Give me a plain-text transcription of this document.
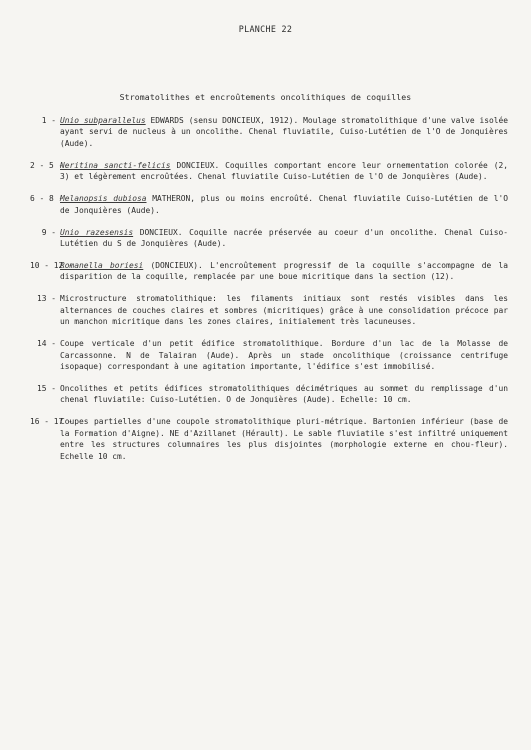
PLANCHE 22
Stromatolithes et encroûtements oncolithiques de coquilles
1 - Unio subparallelus EDWARDS (sensu DONCIEUX, 1912). Moulage stromatolithique d'une valve isolée ayant servi de nucleus à un oncolithe. Chenal fluviatile, Cuiso-Lutétien de l'O de Jonquières (Aude).
2 - 5 -
Neritina sancti-felicis DONCIEUX. Coquilles comportant encore leur ornementation colorée (2, 3) et légèrement encroûtées. Chenal fluviatile Cuiso-Lutétien de l'O de Jonquières (Aude).
6 - 8 -
Melanopsis dubiosa MATHERON, plus ou moins encroûté. Chenal fluviatile Cuiso-Lutétien de l'O de Jonquières (Aude).
9 - Unio razesensis DONCIEUX. Coquille nacrée préservée au coeur d'un oncolithe. Chenal Cuiso-Lutétien du S de Jonquières (Aude).
10 - 12 -
Romanella boriesi (DONCIEUX). L'encroûtement progressif de la coquille s'accompagne de la disparition de la coquille, remplacée par une boue micritique dans la section (12).
13 - Microstructure stromatolithique: les filaments initiaux sont restés visibles dans les alternances de couches claires et sombres (micritiques) grâce à une consolidation précoce par un manchon micritique dans les zones claires, initialement très lacuneuses.
14 - Coupe verticale d'un petit édifice stromatolithique. Bordure d'un lac de la Molasse de Carcassonne. N de Talairan (Aude). Après un stade oncolithique (croissance centrifuge isopaque) correspondant à une agitation importante, l'édifice s'est immobilisé.
15 - Oncolithes et petits édifices stromatolithiques décimétriques au sommet du remplissage d'un chenal fluviatile: Cuiso-Lutétien. O de Jonquières (Aude). Echelle: 10 cm.
16 - 17 -
Coupes partielles d'une coupole stromatolithique pluri-métrique. Bartonien inférieur (base de la Formation d'Aigne). NE d'Azillanet (Hérault). Le sable fluviatile s'est infiltré uniquement entre les structures columnaires les plus disjointes (morphologie externe en chou-fleur). Echelle 10 cm.
